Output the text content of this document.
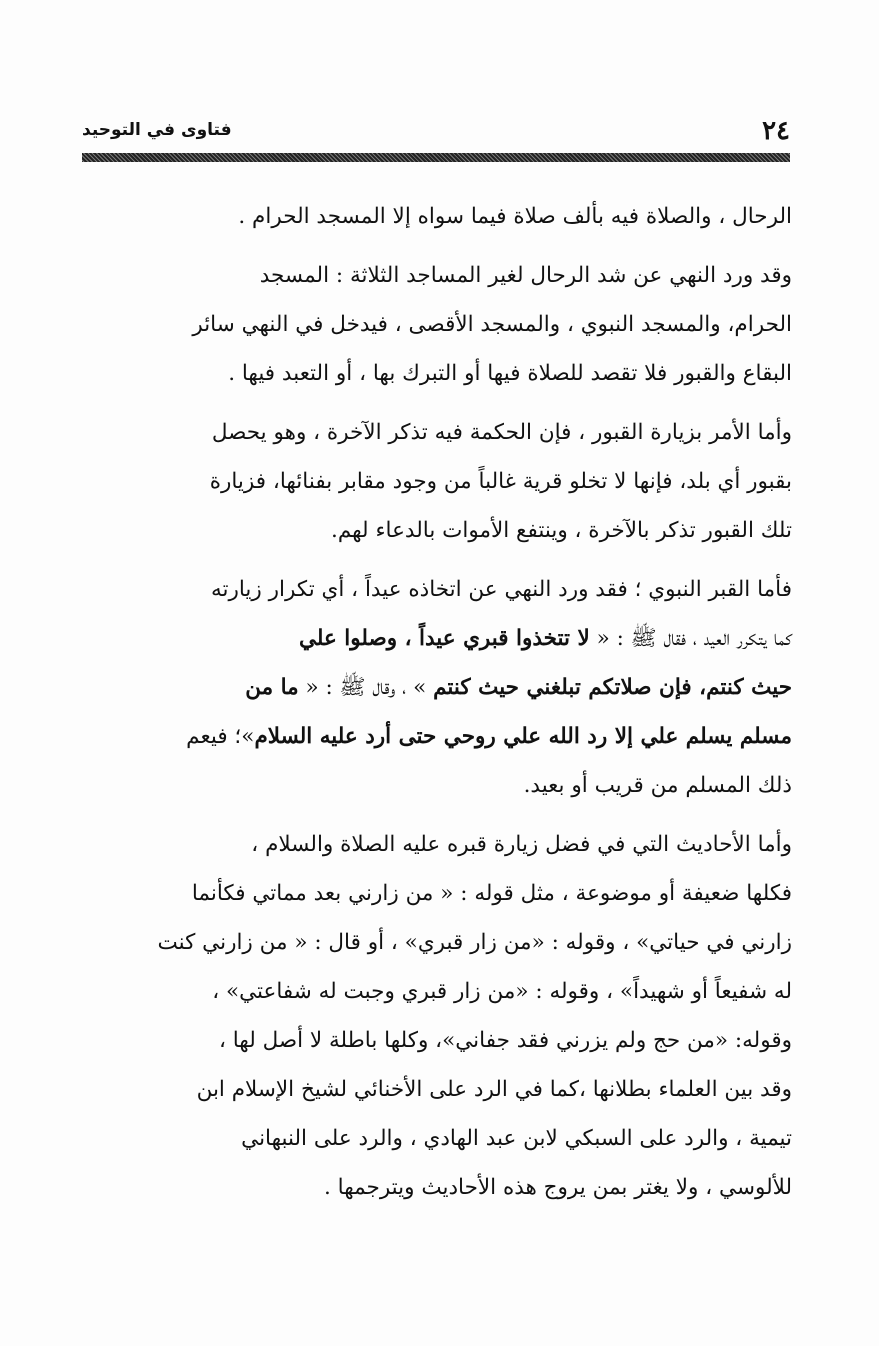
٢٤
فتاوى في التوحيد
الرحال ، والصلاة فيه بألف صلاة فيما سواه إلا المسجد الحرام .
وقد ورد النهي عن شد الرحال لغير المساجد الثلاثة : المسجد
الحرام، والمسجد النبوي ، والمسجد الأقصى ، فيدخل في النهي سائر
البقاع والقبور فلا تقصد للصلاة فيها أو التبرك بها ، أو التعبد فيها .
وأما الأمر بزيارة القبور ، فإن الحكمة فيه تذكر الآخرة ، وهو يحصل
بقبور أي بلد، فإنها لا تخلو قرية غالباً من وجود مقابر بفنائها، فزيارة
تلك القبور تذكر بالآخرة ، وينتفع الأموات بالدعاء لهم.
فأما القبر النبوي ؛ فقد ورد النهي عن اتخاذه عيداً ، أي تكرار زيارته
كما يتكرر العيد ، فقال ﷺ : « لا تتخذوا قبري عيداً ، وصلوا علي
حيث كنتم، فإن صلاتكم تبلغني حيث كنتم » ، وقال ﷺ : « ما من
مسلم يسلم علي إلا رد الله علي روحي حتى أرد عليه السلام»؛ فيعم
ذلك المسلم من قريب أو بعيد.
وأما الأحاديث التي في فضل زيارة قبره عليه الصلاة والسلام ،
فكلها ضعيفة أو موضوعة ، مثل قوله : « من زارني بعد مماتي فكأنما
زارني في حياتي» ، وقوله : «من زار قبري» ، أو قال : « من زارني كنت
له شفيعاً أو شهيداً» ، وقوله : «من زار قبري وجبت له شفاعتي» ،
وقوله: «من حج ولم يزرني فقد جفاني»، وكلها باطلة لا أصل لها ،
وقد بين العلماء بطلانها ،كما في الرد على الأخنائي لشيخ الإسلام ابن
تيمية ، والرد على السبكي لابن عبد الهادي ، والرد على النبهاني
للألوسي ، ولا يغتر بمن يروج هذه الأحاديث ويترجمها .
